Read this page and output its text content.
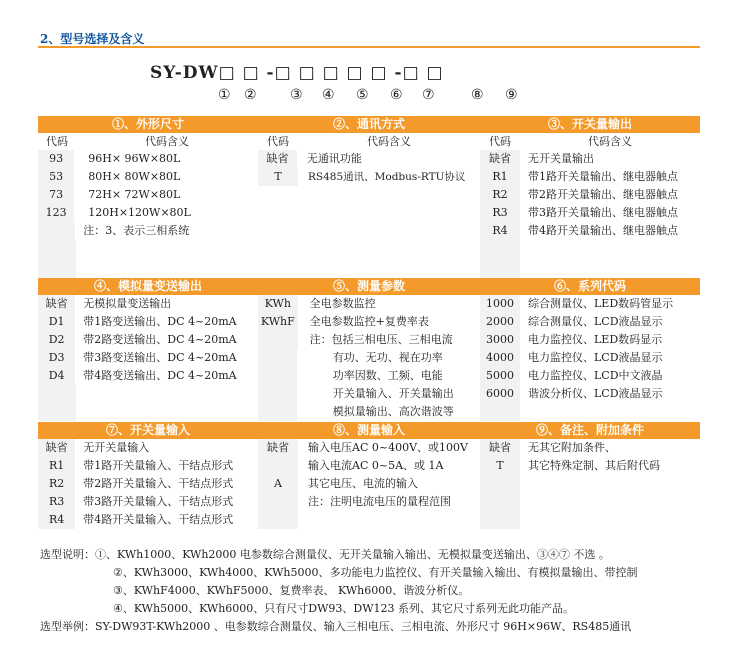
2、型号选择及含义
SY-DW□ □ -□ □ □ □ □ -□ □
① ② ③ ④ ⑤ ⑥ ⑦	⑧ ⑨
①、外形尺寸
代码	代码含义
93	96H× 96W×80L
53	80H× 80W×80L
73	72H× 72W×80L
123	120H×120W×80L
注：3、表示三相系统
②、通讯方式
代码	代码含义
缺省	无通讯功能
T	RS485通讯、Modbus-RTU协议
③、开关量输出
代码	代码含义
缺省	无开关量输出
R1	带1路开关量输出、继电器触点
R2	带2路开关量输出、继电器触点
R3	带3路开关量输出、继电器触点
R4	带4路开关量输出、继电器触点
④、模拟量变送输出
缺省	无模拟量变送输出
D1	带1路变送输出、DC 4~20mA
D2	带2路变送输出、DC 4~20mA
D3	带3路变送输出、DC 4~20mA
D4	带4路变送输出、DC 4~20mA
⑤、测量参数
KWh	全电参数监控
KWhF	全电参数监控+复费率表
注：包括三相电压、三相电流
有功、无功、视在功率
功率因数、工频、电能
开关量输入、开关量输出
模拟量输出、高次谐波等
⑥、系列代码
1000	综合测量仪、LED数码管显示
2000	综合测量仪、LCD液晶显示
3000	电力监控仪、LED数码显示
4000	电力监控仪、LCD液晶显示
5000	电力监控仪、LCD中文液晶
6000	谐波分析仪、LCD液晶显示
⑦、开关量输入
缺省	无开关量输入
R1	带1路开关量输入、干结点形式
R2	带2路开关量输入、干结点形式
R3	带3路开关量输入、干结点形式
R4	带4路开关量输入、干结点形式
⑧、测量输入
缺省	输入电压AC 0~400V、或100V
输入电流AC 0~5A、或 1A
A	其它电压、电流的输入
注：注明电流电压的量程范围
⑨、备注、附加条件
缺省	无其它附加条件、
T	其它特殊定制、其后附代码
选型说明：①、KWh1000、KWh2000 电参数综合测量仪、无开关量输入输出、无模拟量变送输出、③④⑦ 不选 。
②、KWh3000、KWh4000、KWh5000、多功能电力监控仪、有开关量输入输出、有模拟量输出、带控制
③、KWhF4000、KWhF5000、复费率表、 KWh6000、谐波分析仪。
④、KWh5000、KWh6000、只有尺寸DW93、DW123 系列、其它尺寸系列无此功能产品。
选型举例：SY-DW93T-KWh2000 、电参数综合测量仪、输入三相电压、三相电流、外形尺寸 96H×96W、RS485通讯
